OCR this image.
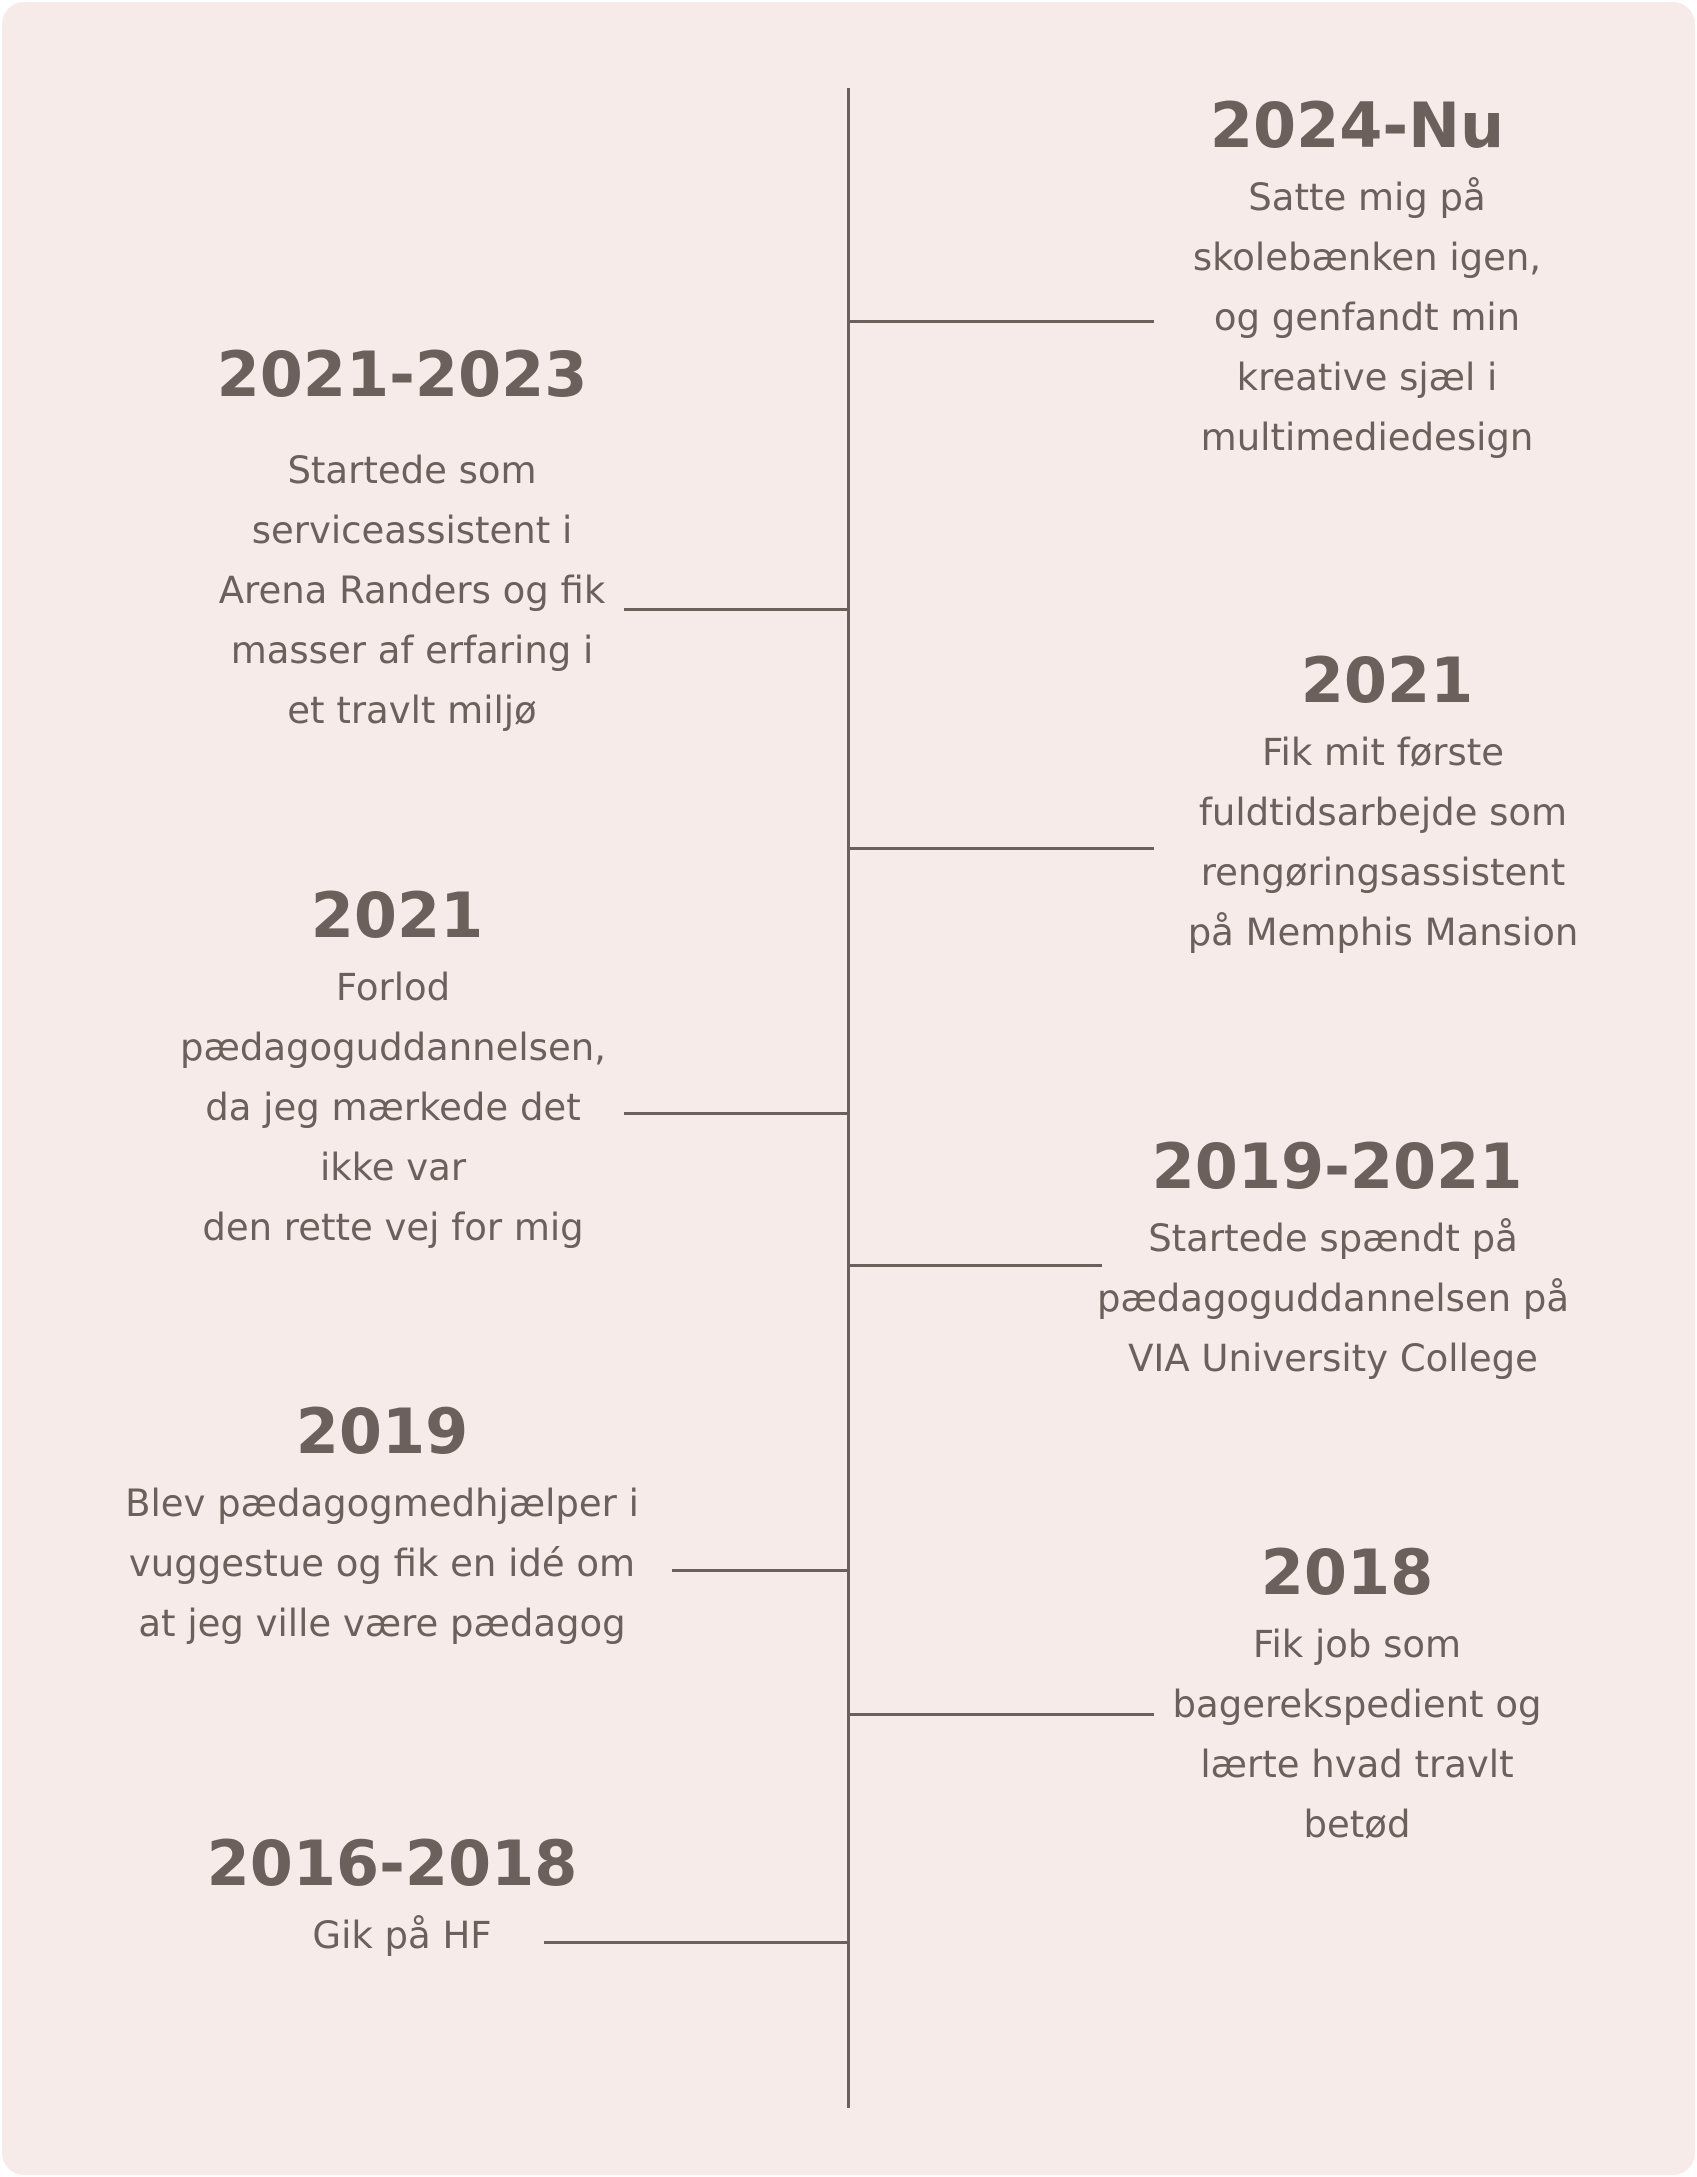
2024-Nu
Satte mig på
skolebænken igen,
og genfandt min
kreative sjæl i
multimediedesign
2021-2023
Startede som
serviceassistent i
Arena Randers og fik
masser af erfaring i
et travlt miljø	2021
Fik mit første
fuldtidsarbejde som
rengøringsassistent
på Memphis Mansion
2021
Forlod
pædagoguddannelsen,
da jeg mærkede det
ikke var
den rette vej for mig
2019-2021
Startede spændt på
pædagoguddannelsen på
VIA University College
2019
Blev pædagogmedhjælper i
vuggestue og fik en idé om
at jeg ville være pædagog
2018
Fik job som
bagerekspedient og
lærte hvad travlt
betød
2016-2018
Gik på HF
